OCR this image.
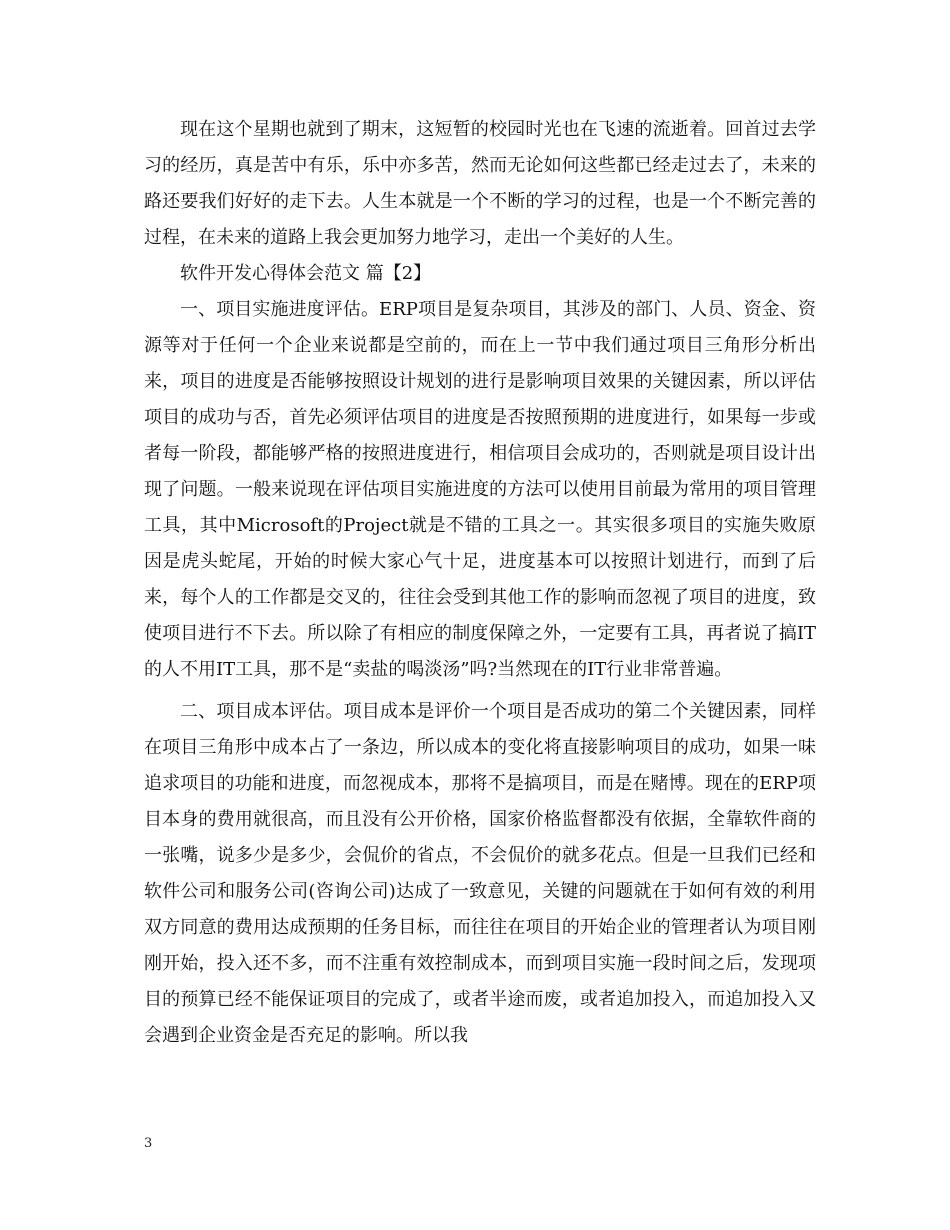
现在这个星期也就到了期末，这短暂的校园时光也在飞速的流逝着。回首过去学习的经历，真是苦中有乐，乐中亦多苦，然而无论如何这些都已经走过去了，未来的路还要我们好好的走下去。人生本就是一个不断的学习的过程，也是一个不断完善的过程，在未来的道路上我会更加努力地学习，走出一个美好的人生。

软件开发心得体会范文 篇【2】

一、项目实施进度评估。ERP项目是复杂项目，其涉及的部门、人员、资金、资源等对于任何一个企业来说都是空前的，而在上一节中我们通过项目三角形分析出来，项目的进度是否能够按照设计规划的进行是影响项目效果的关键因素，所以评估项目的成功与否，首先必须评估项目的进度是否按照预期的进度进行，如果每一步或者每一阶段，都能够严格的按照进度进行，相信项目会成功的，否则就是项目设计出现了问题。一般来说现在评估项目实施进度的方法可以使用目前最为常用的项目管理工具，其中Microsoft的Project就是不错的工具之一。其实很多项目的实施失败原因是虎头蛇尾，开始的时候大家心气十足，进度基本可以按照计划进行，而到了后来，每个人的工作都是交叉的，往往会受到其他工作的影响而忽视了项目的进度，致使项目进行不下去。所以除了有相应的制度保障之外，一定要有工具，再者说了搞IT的人不用IT工具，那不是“卖盐的喝淡汤”吗?当然现在的IT行业非常普遍。

二、项目成本评估。项目成本是评价一个项目是否成功的第二个关键因素，同样在项目三角形中成本占了一条边，所以成本的变化将直接影响项目的成功，如果一味追求项目的功能和进度，而忽视成本，那将不是搞项目，而是在赌博。现在的ERP项目本身的费用就很高，而且没有公开价格，国家价格监督都没有依据，全靠软件商的一张嘴，说多少是多少，会侃价的省点，不会侃价的就多花点。但是一旦我们已经和软件公司和服务公司(咨询公司)达成了一致意见，关键的问题就在于如何有效的利用双方同意的费用达成预期的任务目标，而往往在项目的开始企业的管理者认为项目刚刚开始，投入还不多，而不注重有效控制成本，而到项目实施一段时间之后，发现项目的预算已经不能保证项目的完成了，或者半途而废，或者追加投入，而追加投入又会遇到企业资金是否充足的影响。所以我

3
